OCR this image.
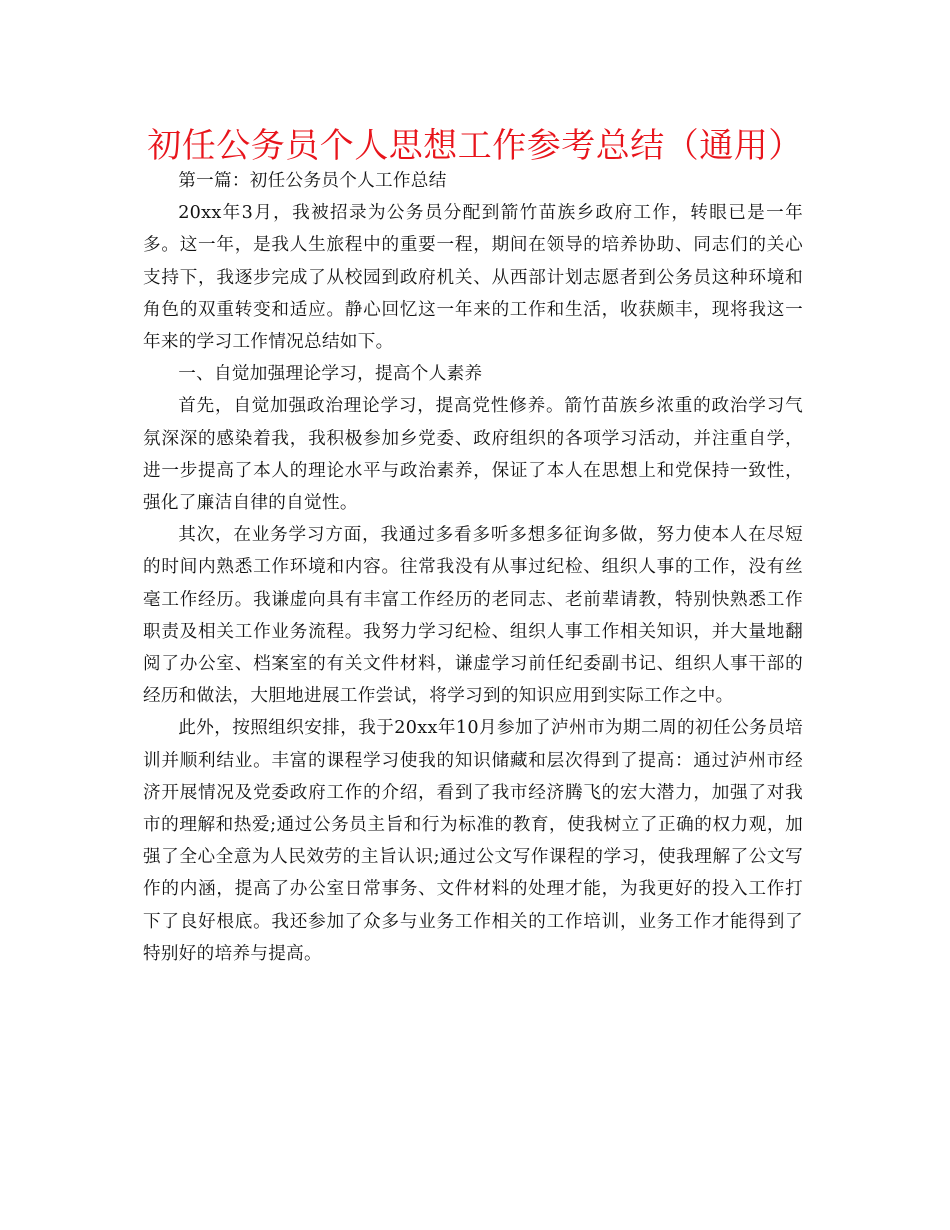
初任公务员个人思想工作参考总结（通用）

第一篇：初任公务员个人工作总结

20xx年3月，我被招录为公务员分配到箭竹苗族乡政府工作，转眼已是一年多。这一年，是我人生旅程中的重要一程，期间在领导的培养协助、同志们的关心支持下，我逐步完成了从校园到政府机关、从西部计划志愿者到公务员这种环境和角色的双重转变和适应。静心回忆这一年来的工作和生活，收获颇丰，现将我这一年来的学习工作情况总结如下。

一、自觉加强理论学习，提高个人素养

首先，自觉加强政治理论学习，提高党性修养。箭竹苗族乡浓重的政治学习气氛深深的感染着我，我积极参加乡党委、政府组织的各项学习活动，并注重自学，进一步提高了本人的理论水平与政治素养，保证了本人在思想上和党保持一致性，强化了廉洁自律的自觉性。

其次，在业务学习方面，我通过多看多听多想多征询多做，努力使本人在尽短的时间内熟悉工作环境和内容。往常我没有从事过纪检、组织人事的工作，没有丝毫工作经历。我谦虚向具有丰富工作经历的老同志、老前辈请教，特别快熟悉工作职责及相关工作业务流程。我努力学习纪检、组织人事工作相关知识，并大量地翻阅了办公室、档案室的有关文件材料，谦虚学习前任纪委副书记、组织人事干部的经历和做法，大胆地进展工作尝试，将学习到的知识应用到实际工作之中。

此外，按照组织安排，我于20xx年10月参加了泸州市为期二周的初任公务员培训并顺利结业。丰富的课程学习使我的知识储藏和层次得到了提高：通过泸州市经济开展情况及党委政府工作的介绍，看到了我市经济腾飞的宏大潜力，加强了对我市的理解和热爱;通过公务员主旨和行为标准的教育，使我树立了正确的权力观，加强了全心全意为人民效劳的主旨认识;通过公文写作课程的学习，使我理解了公文写作的内涵，提高了办公室日常事务、文件材料的处理才能，为我更好的投入工作打下了良好根底。我还参加了众多与业务工作相关的工作培训，业务工作才能得到了特别好的培养与提高。
